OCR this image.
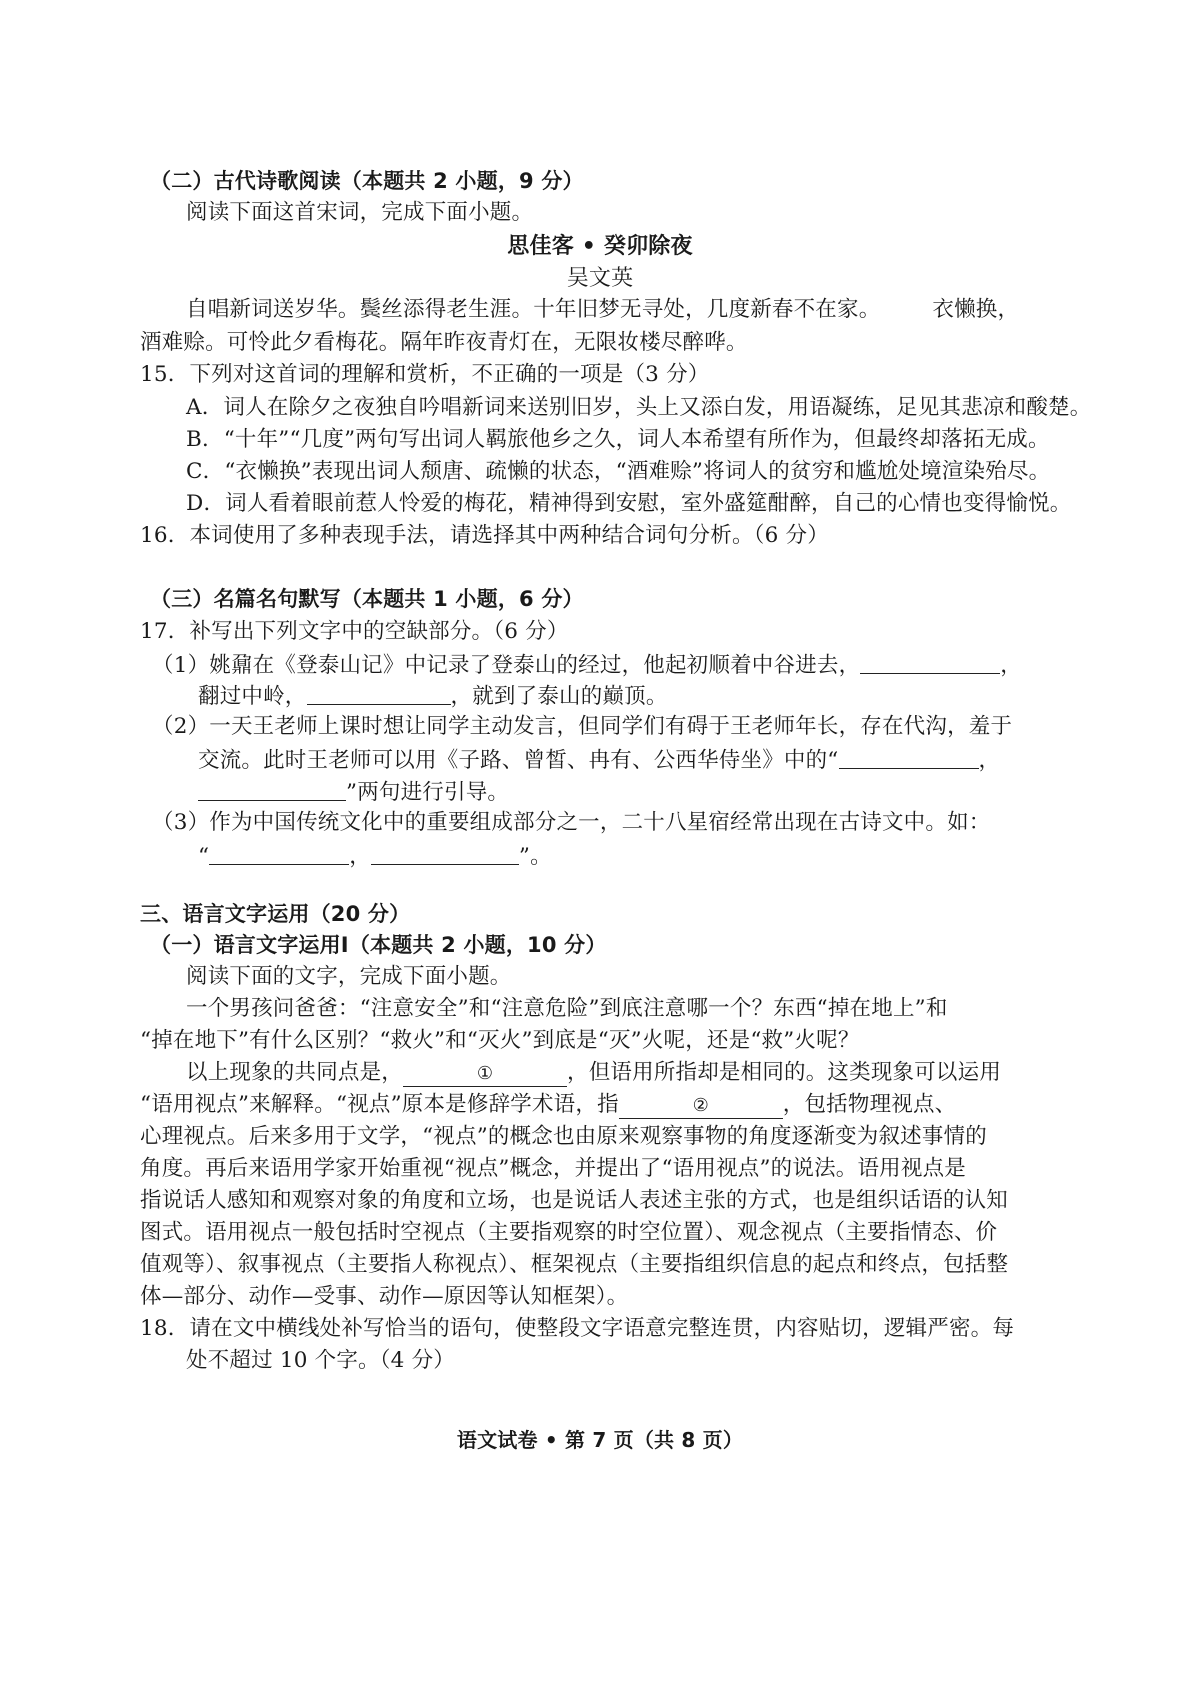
（二）古代诗歌阅读（本题共 2 小题，9 分）
阅读下面这首宋词，完成下面小题。
思佳客 • 癸卯除夜
吴文英
自唱新词送岁华。鬓丝添得老生涯。十年旧梦无寻处，几度新春不在家。 衣懒换，
酒难赊。可怜此夕看梅花。隔年昨夜青灯在，无限妆楼尽醉哗。
15．下列对这首词的理解和赏析，不正确的一项是（3 分）
A．词人在除夕之夜独自吟唱新词来送别旧岁，头上又添白发，用语凝练，足见其悲凉和酸楚。
B．“十年”“几度”两句写出词人羁旅他乡之久，词人本希望有所作为，但最终却落拓无成。
C．“衣懒换”表现出词人颓唐、疏懒的状态，“酒难赊”将词人的贫穷和尴尬处境渲染殆尽。
D．词人看着眼前惹人怜爱的梅花，精神得到安慰，室外盛筵酣醉，自己的心情也变得愉悦。
16．本词使用了多种表现手法，请选择其中两种结合词句分析。（6 分）
（三）名篇名句默写（本题共 1 小题，6 分）
17．补写出下列文字中的空缺部分。（6 分）
（1）姚鼐在《登泰山记》中记录了登泰山的经过，他起初顺着中谷进去，	，
翻过中岭，	，就到了泰山的巅顶。
（2）一天王老师上课时想让同学主动发言，但同学们有碍于王老师年长，存在代沟，羞于
交流。此时王老师可以用《子路、曾皙、冉有、公西华侍坐》中的“	，
”两句进行引导。
（3）作为中国传统文化中的重要组成部分之一，二十八星宿经常出现在古诗文中。如：
“	，	”。
三、语言文字运用（20 分）
（一）语言文字运用Ⅰ（本题共 2 小题，10 分）
阅读下面的文字，完成下面小题。
一个男孩问爸爸：“注意安全”和“注意危险”到底注意哪一个？东西“掉在地上”和
“掉在地下”有什么区别？“救火”和“灭火”到底是“灭”火呢，还是“救”火呢？
以上现象的共同点是，	①	，但语用所指却是相同的。这类现象可以运用
“语用视点”来解释。“视点”原本是修辞学术语，指	②	，包括物理视点、
心理视点。后来多用于文学，“视点”的概念也由原来观察事物的角度逐渐变为叙述事情的
角度。再后来语用学家开始重视“视点”概念，并提出了“语用视点”的说法。语用视点是
指说话人感知和观察对象的角度和立场，也是说话人表述主张的方式，也是组织话语的认知
图式。语用视点一般包括时空视点（主要指观察的时空位置）、观念视点（主要指情态、价
值观等）、叙事视点（主要指人称视点）、框架视点（主要指组织信息的起点和终点，包括整
体—部分、动作—受事、动作—原因等认知框架）。
18．请在文中横线处补写恰当的语句，使整段文字语意完整连贯，内容贴切，逻辑严密。每
处不超过 10 个字。（4 分）
语文试卷 • 第 7 页（共 8 页）
